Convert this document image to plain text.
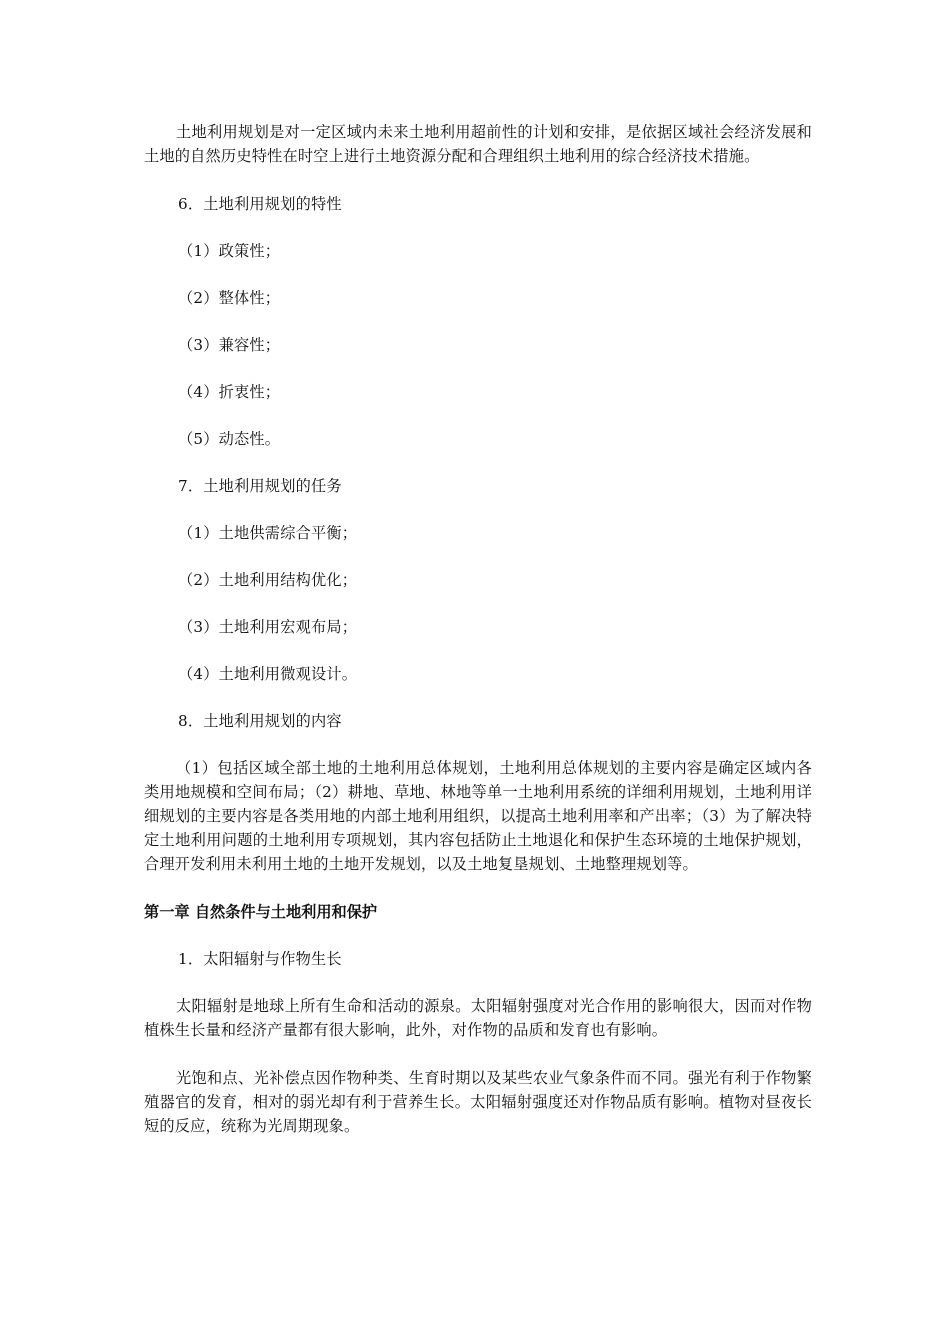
土地利用规划是对一定区域内未来土地利用超前性的计划和安排，是依据区域社会经济发展和土地的自然历史特性在时空上进行土地资源分配和合理组织土地利用的综合经济技术措施。

6．土地利用规划的特性

（1）政策性；

（2）整体性；

（3）兼容性；

（4）折衷性；

（5）动态性。

7．土地利用规划的任务

（1）土地供需综合平衡；

（2）土地利用结构优化；

（3）土地利用宏观布局；

（4）土地利用微观设计。

8．土地利用规划的内容

（1）包括区域全部土地的土地利用总体规划，土地利用总体规划的主要内容是确定区域内各类用地规模和空间布局；（2）耕地、草地、林地等单一土地利用系统的详细利用规划，土地利用详细规划的主要内容是各类用地的内部土地利用组织，以提高土地利用率和产出率；（3）为了解决特定土地利用问题的土地利用专项规划，其内容包括防止土地退化和保护生态环境的土地保护规划，合理开发利用未利用土地的土地开发规划，以及土地复垦规划、土地整理规划等。

第一章 自然条件与土地利用和保护

1．太阳辐射与作物生长

太阳辐射是地球上所有生命和活动的源泉。太阳辐射强度对光合作用的影响很大，因而对作物植株生长量和经济产量都有很大影响，此外，对作物的品质和发育也有影响。

光饱和点、光补偿点因作物种类、生育时期以及某些农业气象条件而不同。强光有利于作物繁殖器官的发育，相对的弱光却有利于营养生长。太阳辐射强度还对作物品质有影响。植物对昼夜长短的反应，统称为光周期现象。
